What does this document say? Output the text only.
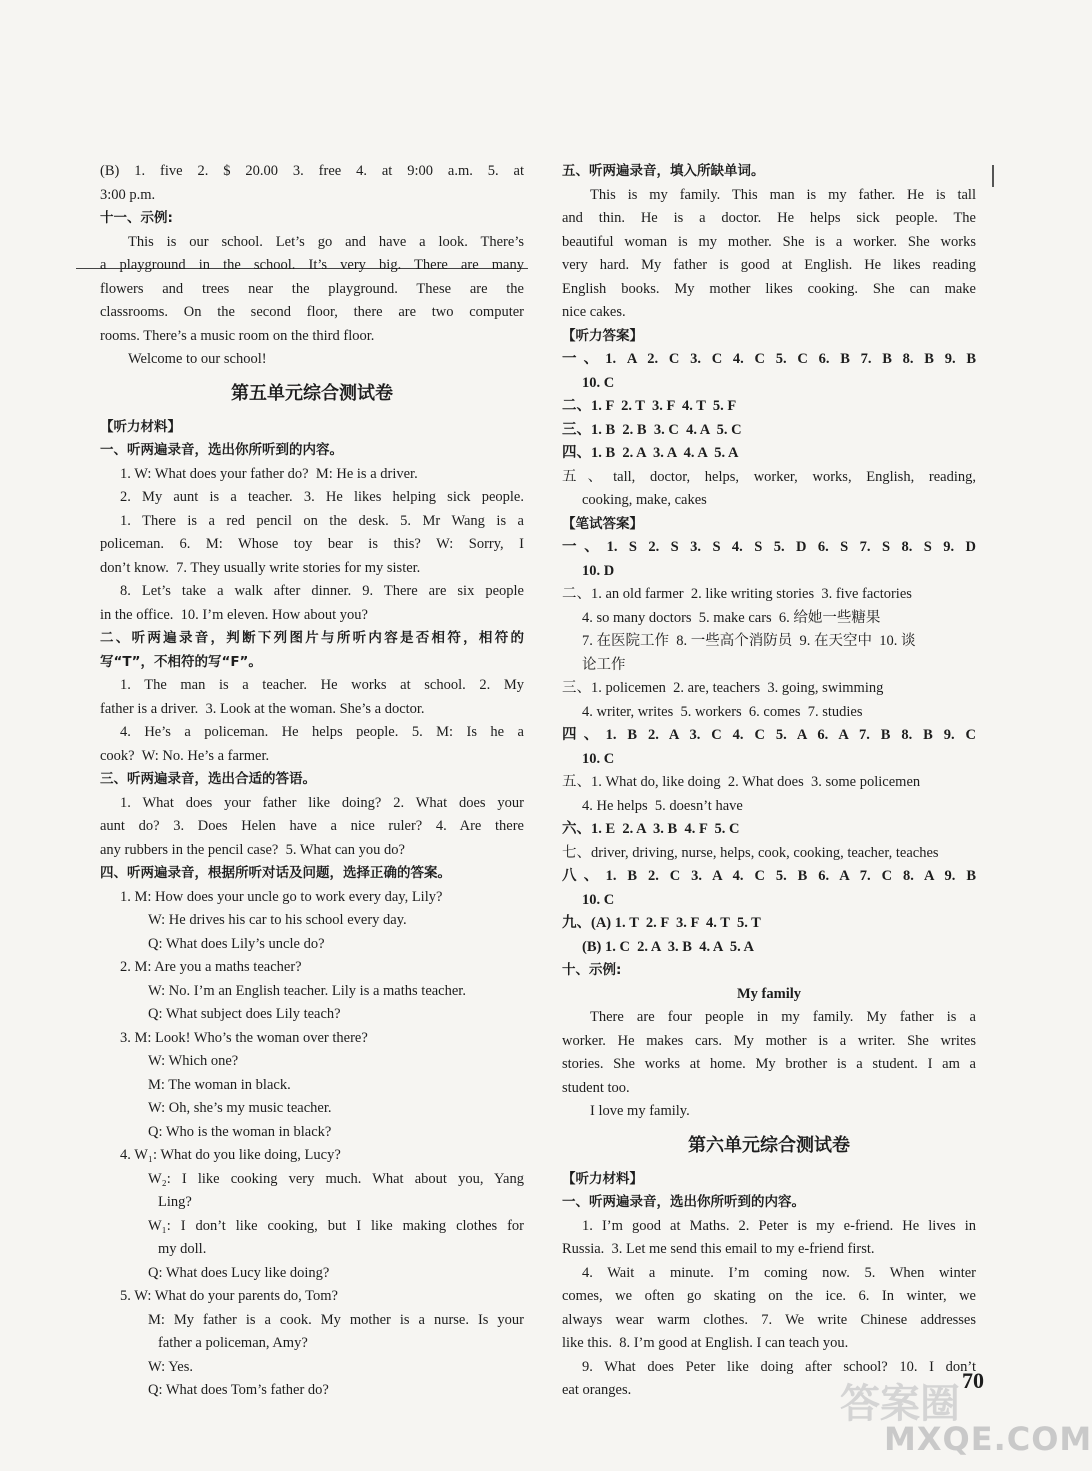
(B) 1. five 2. $ 20.00 3. free 4. at 9:00 a.m. 5. at
3:00 p.m.
十一、示例:
This is our school. Let’s go and have a look. There’s
a playground in the school. It’s very big. There are many
flowers and trees near the playground. These are the
classrooms. On the second floor, there are two computer
rooms. There’s a music room on the third floor.
Welcome to our school!
第五单元综合测试卷
【听力材料】
一、听两遍录音，选出你所听到的内容。
1. W: What does your father do?  M: He is a driver.
2. My aunt is a teacher. 3. He likes helping sick people.
1. There is a red pencil on the desk. 5. Mr Wang is a
policeman. 6. M: Whose toy bear is this? W: Sorry, I
don’t know.  7. They usually write stories for my sister.
8. Let’s take a walk after dinner. 9. There are six people
in the office.  10. I’m eleven. How about you?
二、听两遍录音，判断下列图片与所听内容是否相符，相符的
写“T”，不相符的写“F”。
1. The man is a teacher. He works at school. 2. My
father is a driver.  3. Look at the woman. She’s a doctor.
4. He’s a policeman. He helps people. 5. M: Is he a
cook?  W: No. He’s a farmer.
三、听两遍录音，选出合适的答语。
1. What does your father like doing? 2. What does your
aunt do? 3. Does Helen have a nice ruler? 4. Are there
any rubbers in the pencil case?  5. What can you do?
四、听两遍录音，根据所听对话及问题，选择正确的答案。
1. M: How does your uncle go to work every day, Lily?
W: He drives his car to his school every day.
Q: What does Lily’s uncle do?
2. M: Are you a maths teacher?
W: No. I’m an English teacher. Lily is a maths teacher.
Q: What subject does Lily teach?
3. M: Look! Who’s the woman over there?
W: Which one?
M: The woman in black.
W: Oh, she’s my music teacher.
Q: Who is the woman in black?
4. W₁: What do you like doing, Lucy?
W₂: I like cooking very much. What about you, Yang
Ling?
W₁: I don’t like cooking, but I like making clothes for
my doll.
Q: What does Lucy like doing?
5. W: What do your parents do, Tom?
M: My father is a cook. My mother is a nurse. Is your
father a policeman, Amy?
W: Yes.
Q: What does Tom’s father do?
五、听两遍录音，填入所缺单词。
This is my family. This man is my father. He is tall
and thin. He is a doctor. He helps sick people. The
beautiful woman is my mother. She is a worker. She works
very hard. My father is good at English. He likes reading
English books. My mother likes cooking. She can make
nice cakes.
【听力答案】
一、1. A 2. C 3. C 4. C 5. C 6. B 7. B 8. B 9. B
10. C
二、1. F  2. T  3. F  4. T  5. F
三、1. B  2. B  3. C  4. A  5. C
四、1. B  2. A  3. A  4. A  5. A
五、tall, doctor, helps, worker, works, English, reading,
cooking, make, cakes
【笔试答案】
一、1. S 2. S 3. S 4. S 5. D 6. S 7. S 8. S 9. D
10. D
二、1. an old farmer  2. like writing stories  3. five factories
4. so many doctors  5. make cars  6. 给她一些糖果
7. 在医院工作  8. 一些高个消防员  9. 在天空中  10. 谈
论工作
三、1. policemen  2. are, teachers  3. going, swimming
4. writer, writes  5. workers  6. comes  7. studies
四、1. B 2. A 3. C 4. C 5. A 6. A 7. B 8. B 9. C
10. C
五、1. What do, like doing  2. What does  3. some policemen
4. He helps  5. doesn’t have
六、1. E  2. A  3. B  4. F  5. C
七、driver, driving, nurse, helps, cook, cooking, teacher, teaches
八、1. B 2. C 3. A 4. C 5. B 6. A 7. C 8. A 9. B
10. C
九、(A) 1. T  2. F  3. F  4. T  5. T
(B) 1. C  2. A  3. B  4. A  5. A
十、示例:
My family
There are four people in my family. My father is a
worker. He makes cars. My mother is a writer. She writes
stories. She works at home. My brother is a student. I am a
student too.
I love my family.
第六单元综合测试卷
【听力材料】
一、听两遍录音，选出你所听到的内容。
1. I’m good at Maths. 2. Peter is my e-friend. He lives in
Russia.  3. Let me send this email to my e-friend first.
4. Wait a minute. I’m coming now. 5. When winter
comes, we often go skating on the ice. 6. In winter, we
always wear warm clothes. 7. We write Chinese addresses
like this.  8. I’m good at English. I can teach you.
9. What does Peter like doing after school? 10. I don’t
eat oranges.	答案圈
70
MXQE.COM
